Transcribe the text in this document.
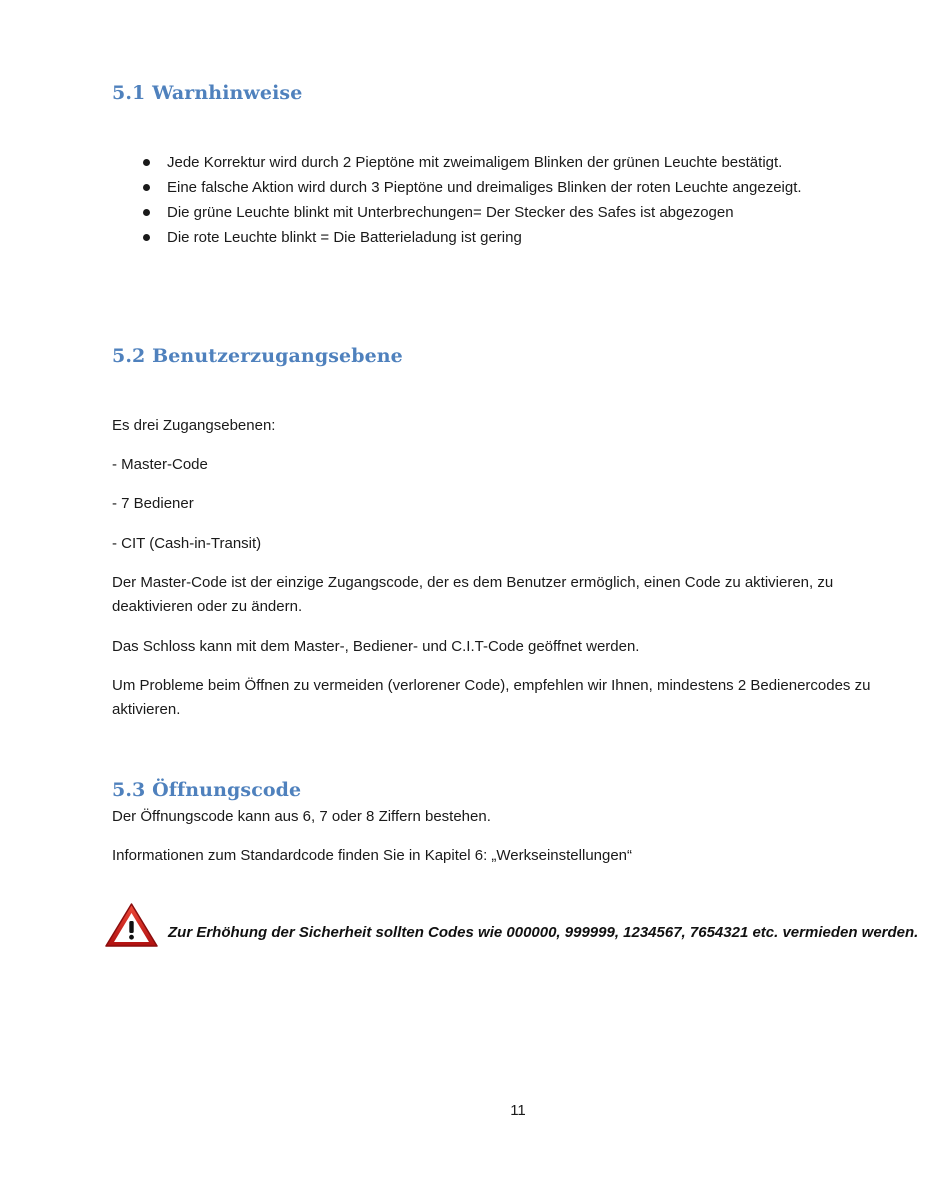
5.1 Warnhinweise
Jede Korrektur wird durch 2 Pieptöne mit zweimaligem Blinken der grünen Leuchte bestätigt.
Eine falsche Aktion wird durch 3 Pieptöne und dreimaliges Blinken der roten Leuchte angezeigt.
Die grüne Leuchte blinkt mit Unterbrechungen= Der Stecker des Safes ist abgezogen
Die rote Leuchte blinkt = Die Batterieladung ist gering
5.2 Benutzerzugangsebene

Es drei Zugangsebenen:

- Master-Code

- 7 Bediener

- CIT (Cash-in-Transit)

Der Master-Code ist der einzige Zugangscode, der es dem Benutzer ermöglich, einen Code zu aktivieren, zu deaktivieren oder zu ändern.

Das Schloss kann mit dem Master-, Bediener- und C.I.T-Code geöffnet werden.

Um Probleme beim Öffnen zu vermeiden (verlorener Code), empfehlen wir Ihnen, mindestens 2 Bedienercodes zu aktivieren.

5.3 Öffnungscode

Der Öffnungscode kann aus 6, 7 oder 8 Ziffern bestehen.

Informationen zum Standardcode finden Sie in Kapitel 6: „Werkseinstellungen“

Zur Erhöhung der Sicherheit sollten Codes wie 000000, 999999, 1234567, 7654321 etc. vermieden werden.
11
